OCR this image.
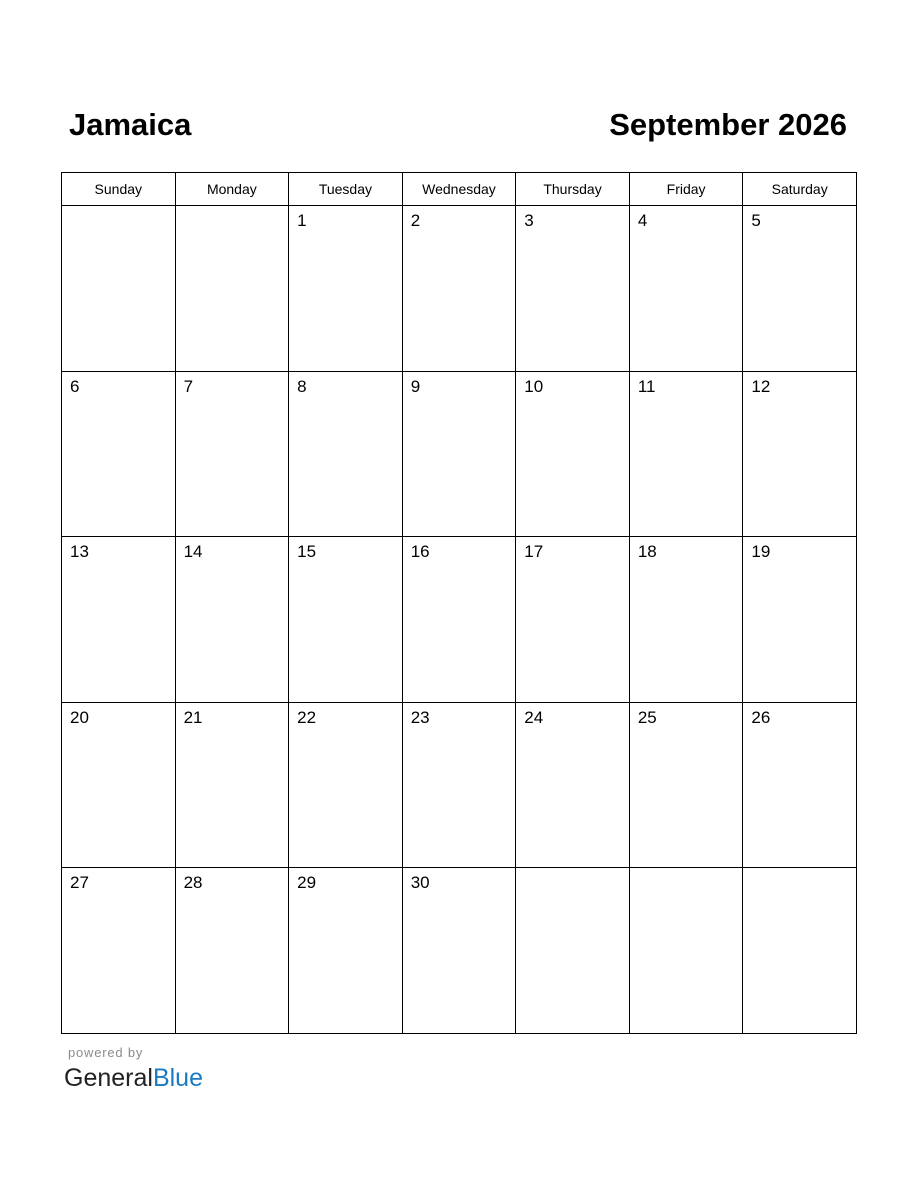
Jamaica	September 2026
Sunday	Monday	Tuesday	Wednesday	Thursday	Friday	Saturday

		1	2	3	4	5

6	7	8	9	10	11	12

13	14	15	16	17	18	19

20	21	22	23	24	25	26

27	28	29	30			

powered by
GeneralBlue
